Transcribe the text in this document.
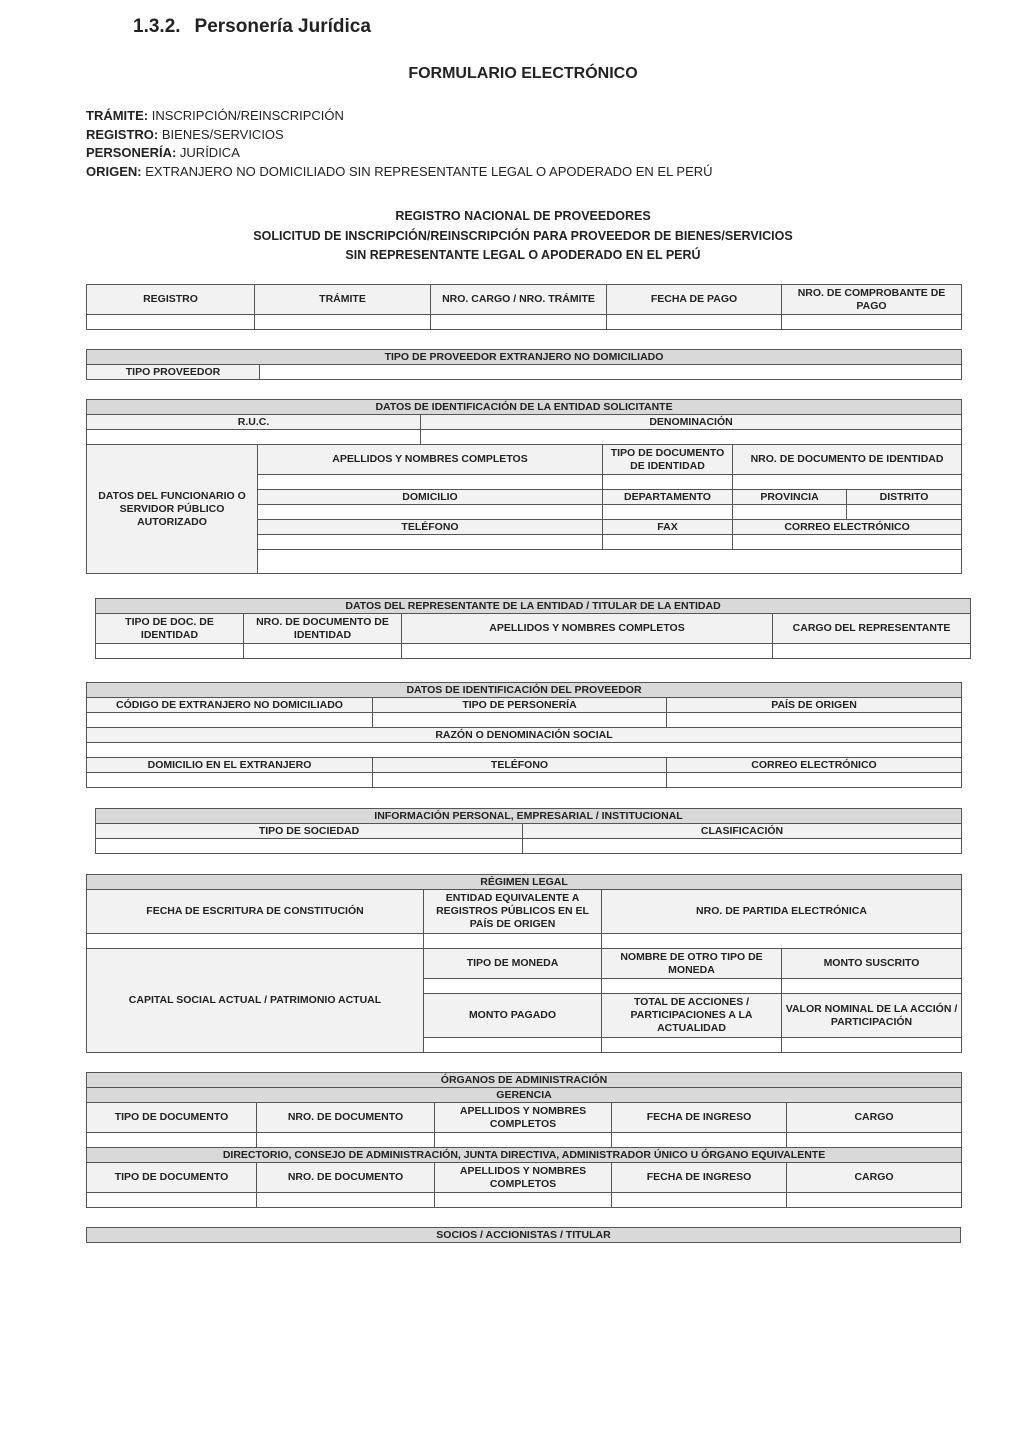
1.3.2. Personería Jurídica
FORMULARIO ELECTRÓNICO
TRÁMITE: INSCRIPCIÓN/REINSCRIPCIÓN
REGISTRO: BIENES/SERVICIOS
PERSONERÍA: JURÍDICA
ORIGEN: EXTRANJERO NO DOMICILIADO SIN REPRESENTANTE LEGAL O APODERADO EN EL PERÚ
REGISTRO NACIONAL DE PROVEEDORES
SOLICITUD DE INSCRIPCIÓN/REINSCRIPCIÓN PARA PROVEEDOR DE BIENES/SERVICIOS
SIN REPRESENTANTE LEGAL O APODERADO EN EL PERÚ
REGISTRO	TRÁMITE	NRO. CARGO / NRO. TRÁMITE	FECHA DE PAGO	NRO. DE COMPROBANTE DE PAGO

TIPO DE PROVEEDOR EXTRANJERO NO DOMICILIADO
TIPO PROVEEDOR	
DATOS DE IDENTIFICACIÓN DE LA ENTIDAD SOLICITANTE					
R.U.C.		DENOMINACIÓN			

DATOS DEL FUNCIONARIO O SERVIDOR PÚBLICO AUTORIZADO	APELLIDOS Y NOMBRES COMPLETOS		TIPO DE DOCUMENTO DE IDENTIDAD	NRO. DE DOCUMENTO DE IDENTIDAD	

	DOMICILIO		DEPARTAMENTO	PROVINCIA	DISTRITO

	TELÉFONO		FAX	CORREO ELECTRÓNICO	

DATOS DEL REPRESENTANTE DE LA ENTIDAD / TITULAR DE LA ENTIDAD			
TIPO DE DOC. DE IDENTIDAD	NRO. DE DOCUMENTO DE IDENTIDAD	APELLIDOS Y NOMBRES COMPLETOS	CARGO DEL REPRESENTANTE

DATOS DE IDENTIFICACIÓN DEL PROVEEDOR		
CÓDIGO DE EXTRANJERO NO DOMICILIADO	TIPO DE PERSONERÍA	PAÍS DE ORIGEN

RAZÓN O DENOMINACIÓN SOCIAL		

DOMICILIO EN EL EXTRANJERO	TELÉFONO	CORREO ELECTRÓNICO

INFORMACIÓN PERSONAL, EMPRESARIAL / INSTITUCIONAL	
TIPO DE SOCIEDAD	CLASIFICACIÓN

RÉGIMEN LEGAL			
FECHA DE ESCRITURA DE CONSTITUCIÓN	ENTIDAD EQUIVALENTE A REGISTROS PÚBLICOS EN EL PAÍS DE ORIGEN	NRO. DE PARTIDA ELECTRÓNICA	

CAPITAL SOCIAL ACTUAL / PATRIMONIO ACTUAL	TIPO DE MONEDA	NOMBRE DE OTRO TIPO DE MONEDA	MONTO SUSCRITO

	MONTO PAGADO	TOTAL DE ACCIONES / PARTICIPACIONES A LA ACTUALIDAD	VALOR NOMINAL DE LA ACCIÓN / PARTICIPACIÓN

ÓRGANOS DE ADMINISTRACIÓN				
GERENCIA				
TIPO DE DOCUMENTO	NRO. DE DOCUMENTO	APELLIDOS Y NOMBRES COMPLETOS	FECHA DE INGRESO	CARGO

DIRECTORIO, CONSEJO DE ADMINISTRACIÓN, JUNTA DIRECTIVA, ADMINISTRADOR ÚNICO U ÓRGANO EQUIVALENTE				
TIPO DE DOCUMENTO	NRO. DE DOCUMENTO	APELLIDOS Y NOMBRES COMPLETOS	FECHA DE INGRESO	CARGO

SOCIOS / ACCIONISTAS / TITULAR
